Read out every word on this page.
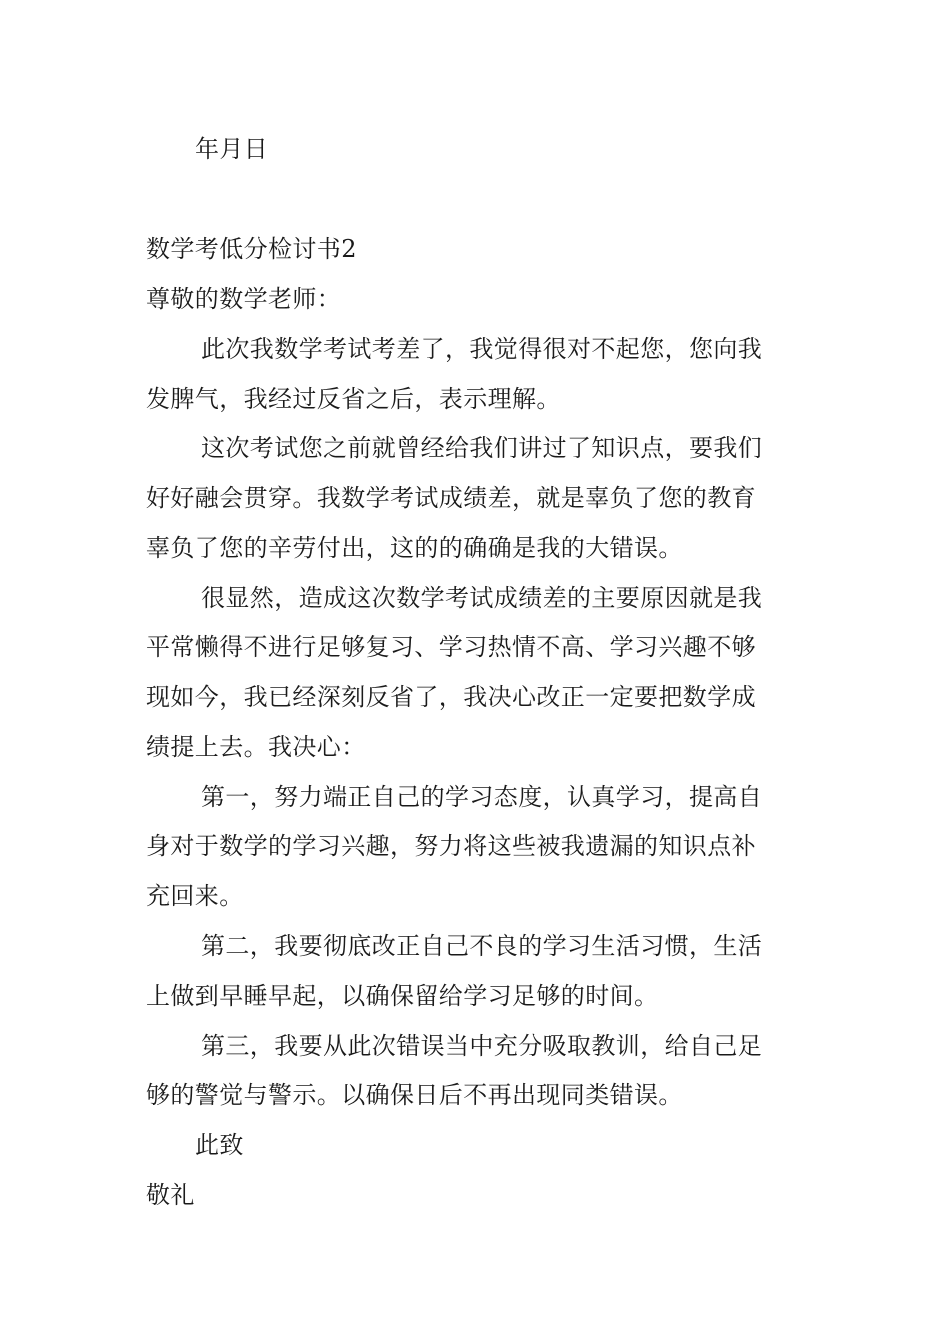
年月日
数学考低分检讨书2
尊敬的数学老师：
此次我数学考试考差了，我觉得很对不起您，您向我
发脾气，我经过反省之后，表示理解。
这次考试您之前就曾经给我们讲过了知识点，要我们
好好融会贯穿。我数学考试成绩差，就是辜负了您的教育
辜负了您的辛劳付出，这的的确确是我的大错误。
很显然，造成这次数学考试成绩差的主要原因就是我
平常懒得不进行足够复习、学习热情不高、学习兴趣不够
现如今，我已经深刻反省了，我决心改正一定要把数学成
绩提上去。我决心：
第一，努力端正自己的学习态度，认真学习，提高自
身对于数学的学习兴趣，努力将这些被我遗漏的知识点补
充回来。
第二，我要彻底改正自己不良的学习生活习惯，生活
上做到早睡早起，以确保留给学习足够的时间。
第三，我要从此次错误当中充分吸取教训，给自己足
够的警觉与警示。以确保日后不再出现同类错误。
此致
敬礼
